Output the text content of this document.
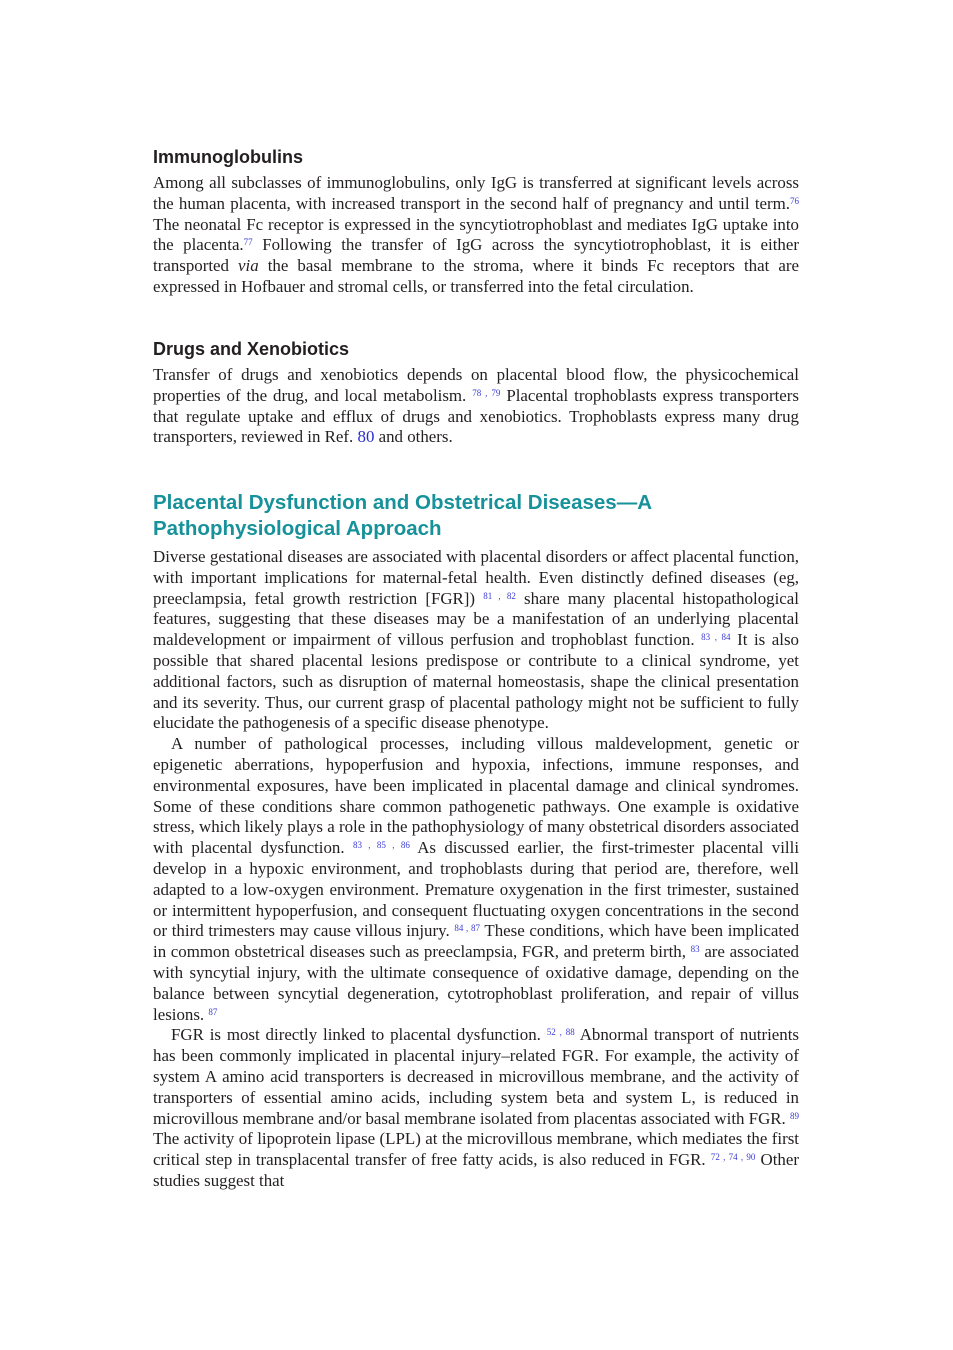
Immunoglobulins

Among all subclasses of immunoglobulins, only IgG is transferred at significant levels across the human placenta, with increased transport in the second half of pregnancy and until term.$^{76}$ The neonatal Fc receptor is expressed in the syncytiotrophoblast and mediates IgG uptake into the placenta.$^{77}$ Following the transfer of IgG across the syncytiotrophoblast, it is either transported via the basal membrane to the stroma, where it binds Fc receptors that are expressed in Hofbauer and stromal cells, or transferred into the fetal circulation.

Drugs and Xenobiotics

Transfer of drugs and xenobiotics depends on placental blood flow, the physicochemical properties of the drug, and local metabolism. $^{78 , 79}$ Placental trophoblasts express transporters that regulate uptake and efflux of drugs and xenobiotics. Trophoblasts express many drug transporters, reviewed in Ref. 80 and others.

Placental Dysfunction and Obstetrical Diseases—A
Pathophysiological Approach

Diverse gestational diseases are associated with placental disorders or affect placental function, with important implications for maternal-fetal health. Even distinctly defined diseases (eg, preeclampsia, fetal growth restriction [FGR]) $^{81 , 82}$ share many placental histopathological features, suggesting that these diseases may be a manifestation of an underlying placental maldevelopment or impairment of villous perfusion and trophoblast function. $^{83 , 84}$ It is also possible that shared placental lesions predispose or contribute to a clinical syndrome, yet additional factors, such as disruption of maternal homeostasis, shape the clinical presentation and its severity. Thus, our current grasp of placental pathology might not be sufficient to fully elucidate the pathogenesis of a specific disease phenotype.

A number of pathological processes, including villous maldevelopment, genetic or epigenetic aberrations, hypoperfusion and hypoxia, infections, immune responses, and environmental exposures, have been implicated in placental damage and clinical syndromes. Some of these conditions share common pathogenetic pathways. One example is oxidative stress, which likely plays a role in the pathophysiology of many obstetrical disorders associated with placental dysfunction. $^{83 , 85 , 86}$ As discussed earlier, the first-trimester placental villi develop in a hypoxic environment, and trophoblasts during that period are, therefore, well adapted to a low-oxygen environment. Premature oxygenation in the first trimester, sustained or intermittent hypoperfusion, and consequent fluctuating oxygen concentrations in the second or third trimesters may cause villous injury. $^{84 , 87}$ These conditions, which have been implicated in common obstetrical diseases such as preeclampsia, FGR, and preterm birth, $^{83}$ are associated with syncytial injury, with the ultimate consequence of oxidative damage, depending on the balance between syncytial degeneration, cytotrophoblast proliferation, and repair of villus lesions. $^{87}$

FGR is most directly linked to placental dysfunction. $^{52 , 88}$ Abnormal transport of nutrients has been commonly implicated in placental injury–related FGR. For example, the activity of system A amino acid transporters is decreased in microvillous membrane, and the activity of transporters of essential amino acids, including system beta and system L, is reduced in microvillous membrane and/or basal membrane isolated from placentas associated with FGR. $^{89}$ The activity of lipoprotein lipase (LPL) at the microvillous membrane, which mediates the first critical step in transplacental transfer of free fatty acids, is also reduced in FGR. $^{72 , 74 , 90}$ Other studies suggest that
